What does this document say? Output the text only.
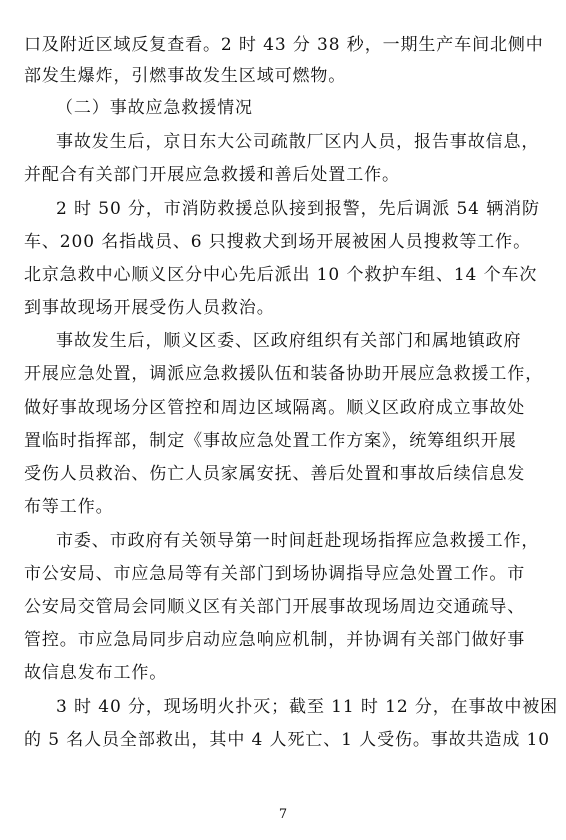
口及附近区域反复查看。2 时 43 分 38 秒，一期生产车间北侧中
部发生爆炸，引燃事故发生区域可燃物。
（二）事故应急救援情况
事故发生后，京日东大公司疏散厂区内人员，报告事故信息，
并配合有关部门开展应急救援和善后处置工作。
2 时 50 分，市消防救援总队接到报警，先后调派 54 辆消防
车、200 名指战员、6 只搜救犬到场开展被困人员搜救等工作。
北京急救中心顺义区分中心先后派出 10 个救护车组、14 个车次
到事故现场开展受伤人员救治。
事故发生后，顺义区委、区政府组织有关部门和属地镇政府
开展应急处置，调派应急救援队伍和装备协助开展应急救援工作，
做好事故现场分区管控和周边区域隔离。顺义区政府成立事故处
置临时指挥部，制定《事故应急处置工作方案》，统筹组织开展
受伤人员救治、伤亡人员家属安抚、善后处置和事故后续信息发
布等工作。
市委、市政府有关领导第一时间赶赴现场指挥应急救援工作，
市公安局、市应急局等有关部门到场协调指导应急处置工作。市
公安局交管局会同顺义区有关部门开展事故现场周边交通疏导、
管控。市应急局同步启动应急响应机制，并协调有关部门做好事
故信息发布工作。
3 时 40 分，现场明火扑灭；截至 11 时 12 分，在事故中被困
的 5 名人员全部救出，其中 4 人死亡、1 人受伤。事故共造成 10
7
